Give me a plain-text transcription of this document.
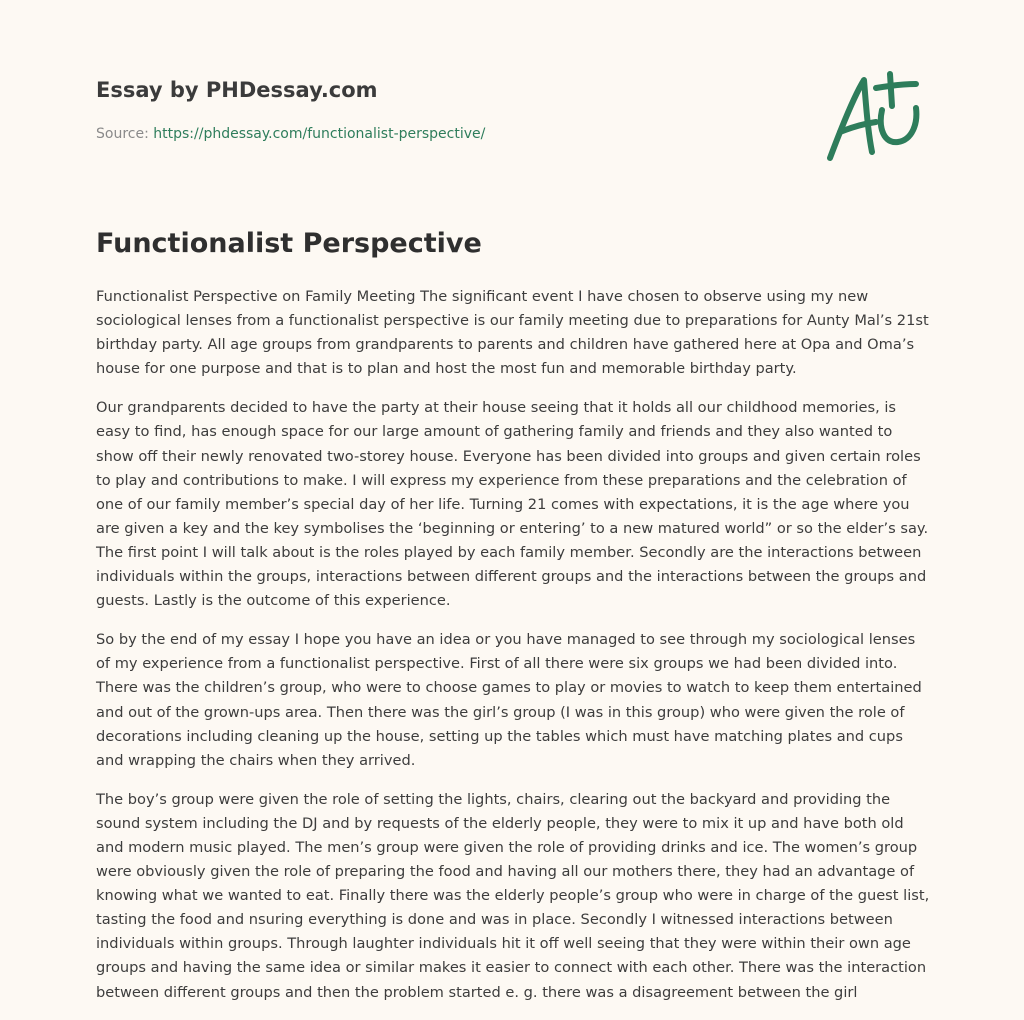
Essay by PHDessay.com
Source: https://phdessay.com/functionalist-perspective/
Functionalist Perspective

Functionalist Perspective on Family Meeting The significant event I have chosen to observe using my new sociological lenses from a functionalist perspective is our family meeting due to preparations for Aunty Mal’s 21st birthday party. All age groups from grandparents to parents and children have gathered here at Opa and Oma’s house for one purpose and that is to plan and host the most fun and memorable birthday party.

Our grandparents decided to have the party at their house seeing that it holds all our childhood memories, is easy to find, has enough space for our large amount of gathering family and friends and they also wanted to show off their newly renovated two-storey house. Everyone has been divided into groups and given certain roles to play and contributions to make. I will express my experience from these preparations and the celebration of one of our family member’s special day of her life. Turning 21 comes with expectations, it is the age where you are given a key and the key symbolises the ‘beginning or entering’ to a new matured world” or so the elder’s say. The first point I will talk about is the roles played by each family member. Secondly are the interactions between individuals within the groups, interactions between different groups and the interactions between the groups and guests. Lastly is the outcome of this experience.

So by the end of my essay I hope you have an idea or you have managed to see through my sociological lenses of my experience from a functionalist perspective. First of all there were six groups we had been divided into. There was the children’s group, who were to choose games to play or movies to watch to keep them entertained and out of the grown-ups area. Then there was the girl’s group (I was in this group) who were given the role of decorations including cleaning up the house, setting up the tables which must have matching plates and cups and wrapping the chairs when they arrived.

The boy’s group were given the role of setting the lights, chairs, clearing out the backyard and providing the sound system including the DJ and by requests of the elderly people, they were to mix it up and have both old and modern music played. The men’s group were given the role of providing drinks and ice. The women’s group were obviously given the role of preparing the food and having all our mothers there, they had an advantage of knowing what we wanted to eat. Finally there was the elderly people’s group who were in charge of the guest list, tasting the food and nsuring everything is done and was in place. Secondly I witnessed interactions between individuals within groups. Through laughter individuals hit it off well seeing that they were within their own age groups and having the same idea or similar makes it easier to connect with each other. There was the interaction between different groups and then the problem started e. g. there was a disagreement between the girl
